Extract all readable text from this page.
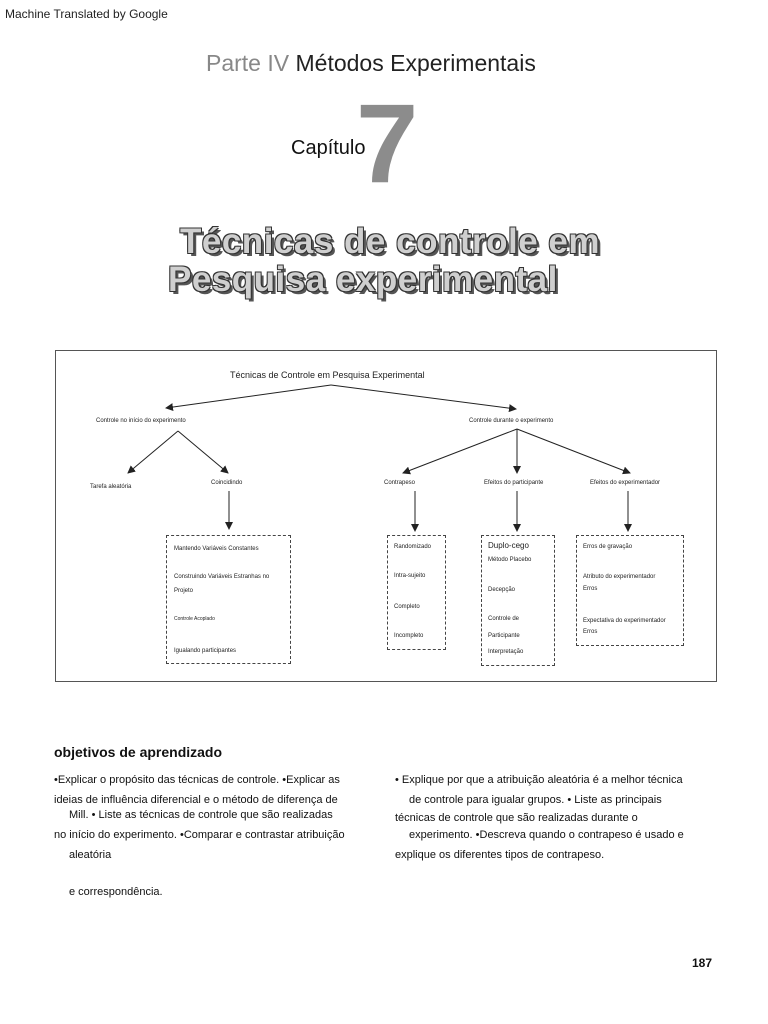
Machine Translated by Google
Parte IV Métodos Experimentais
Capítulo
7
Técnicas de controle em
Pesquisa experimental
Técnicas de Controle em Pesquisa Experimental
Controle no início do experimento	Controle durante o experimento
Tarefa aleatória
Coincidindo	Contrapeso	Efeitos do participante	Efeitos do experimentador
Mantendo Variáveis Constantes
Construindo Variáveis Estranhas no
Projeto
Controle Acoplado
Igualando participantes
Randomizado
Intra-sujeito
Completo
Incompleto
Duplo-cego
Método Placebo
Decepção
Controle de
Participante
Interpretação
Erros de gravação
Atributo do experimentador
Erros
Expectativa do experimentador
Erros
objetivos de aprendizado
•Explicar o propósito das técnicas de controle. •Explicar as
ideias de influência diferencial e o método de diferença de
Mill. • Liste as técnicas de controle que são realizadas
no início do experimento. •Comparar e contrastar atribuição
aleatória
e correspondência.
• Explique por que a atribuição aleatória é a melhor técnica
de controle para igualar grupos. • Liste as principais
técnicas de controle que são realizadas durante o
experimento. •Descreva quando o contrapeso é usado e
explique os diferentes tipos de contrapeso.
187
